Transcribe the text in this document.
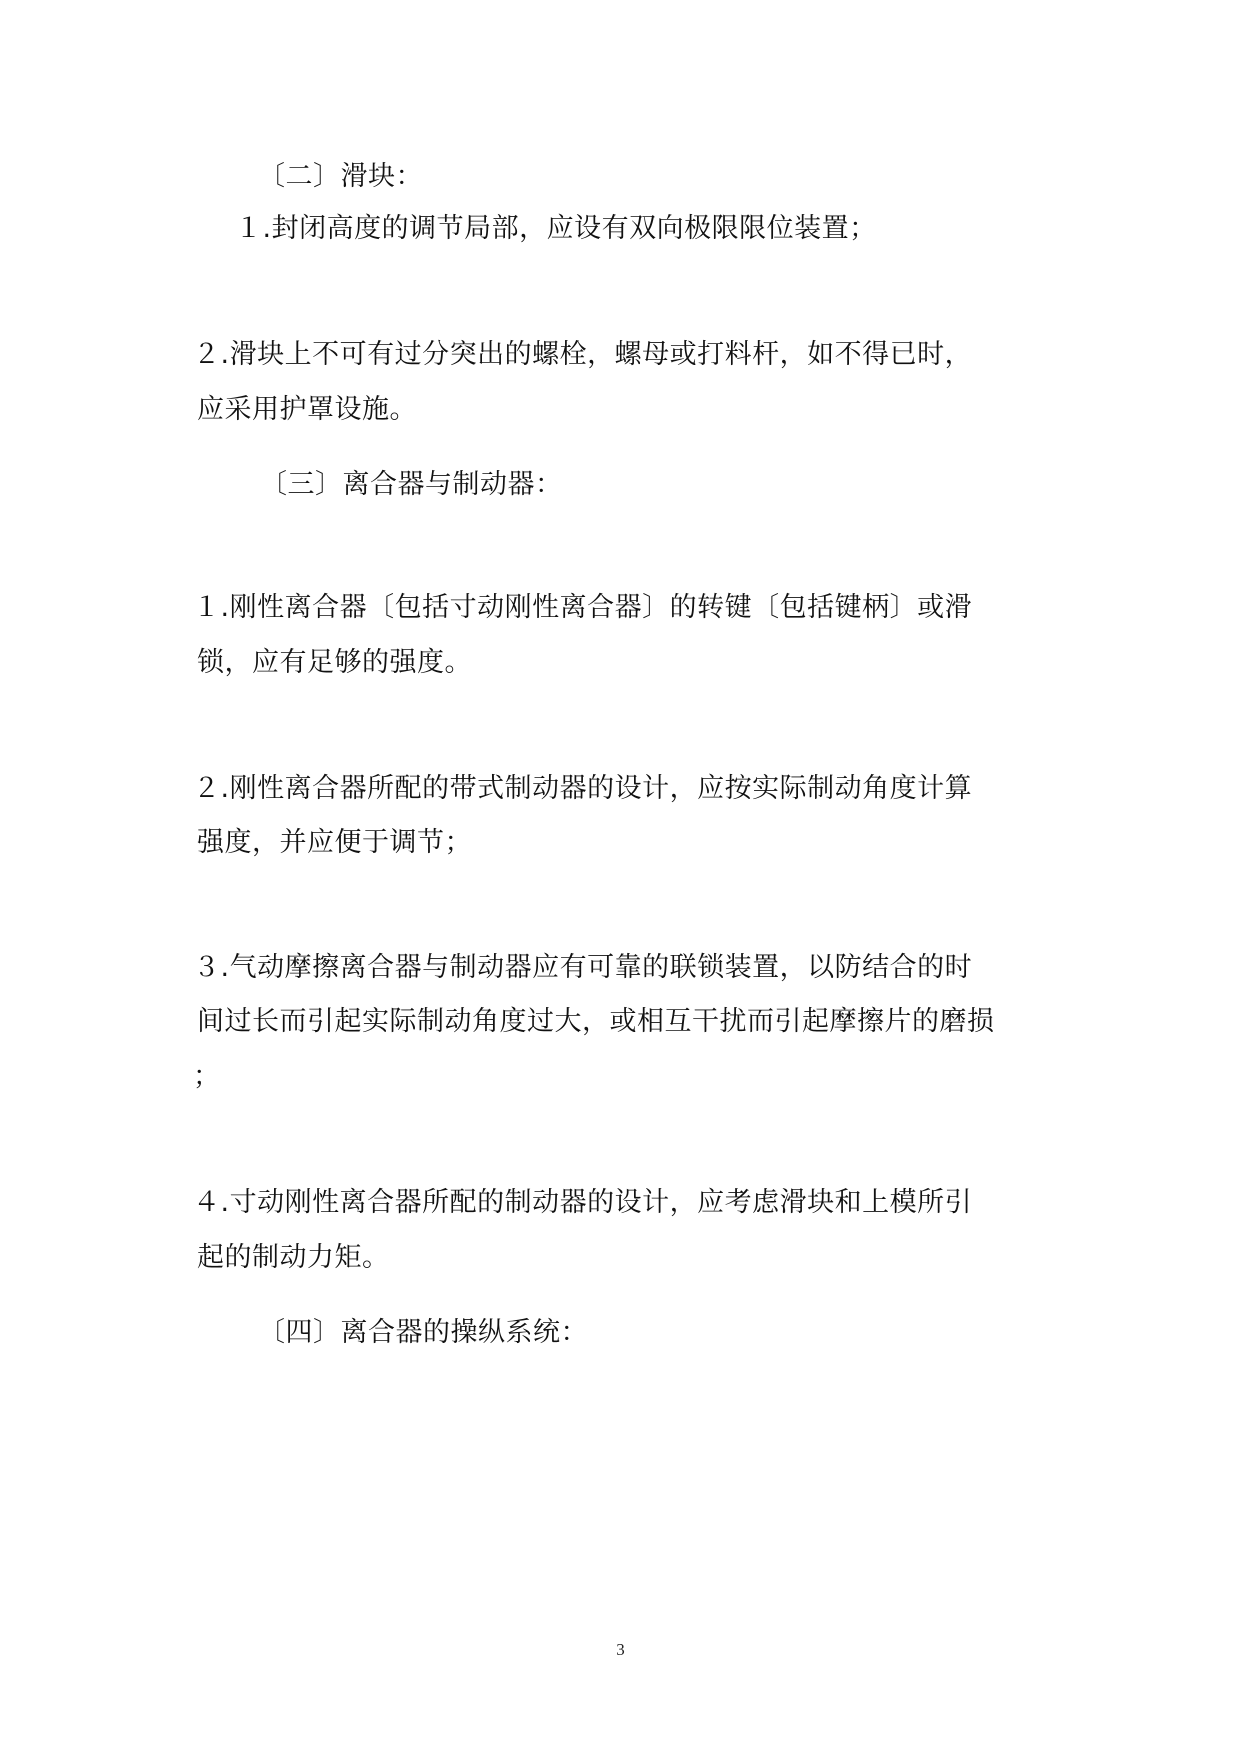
〔二〕滑块：
１.封闭高度的调节局部，应设有双向极限限位装置；
２.滑块上不可有过分突出的螺栓，螺母或打料杆，如不得已时，
应采用护罩设施。
〔三〕离合器与制动器：
１.刚性离合器〔包括寸动刚性离合器〕的转键〔包括键柄〕或滑
锁，应有足够的强度。
２.刚性离合器所配的带式制动器的设计，应按实际制动角度计算
强度，并应便于调节；
３.气动摩擦离合器与制动器应有可靠的联锁装置，以防结合的时
间过长而引起实际制动角度过大，或相互干扰而引起摩擦片的磨损
；
４.寸动刚性离合器所配的制动器的设计，应考虑滑块和上模所引
起的制动力矩。
〔四〕离合器的操纵系统：
3
